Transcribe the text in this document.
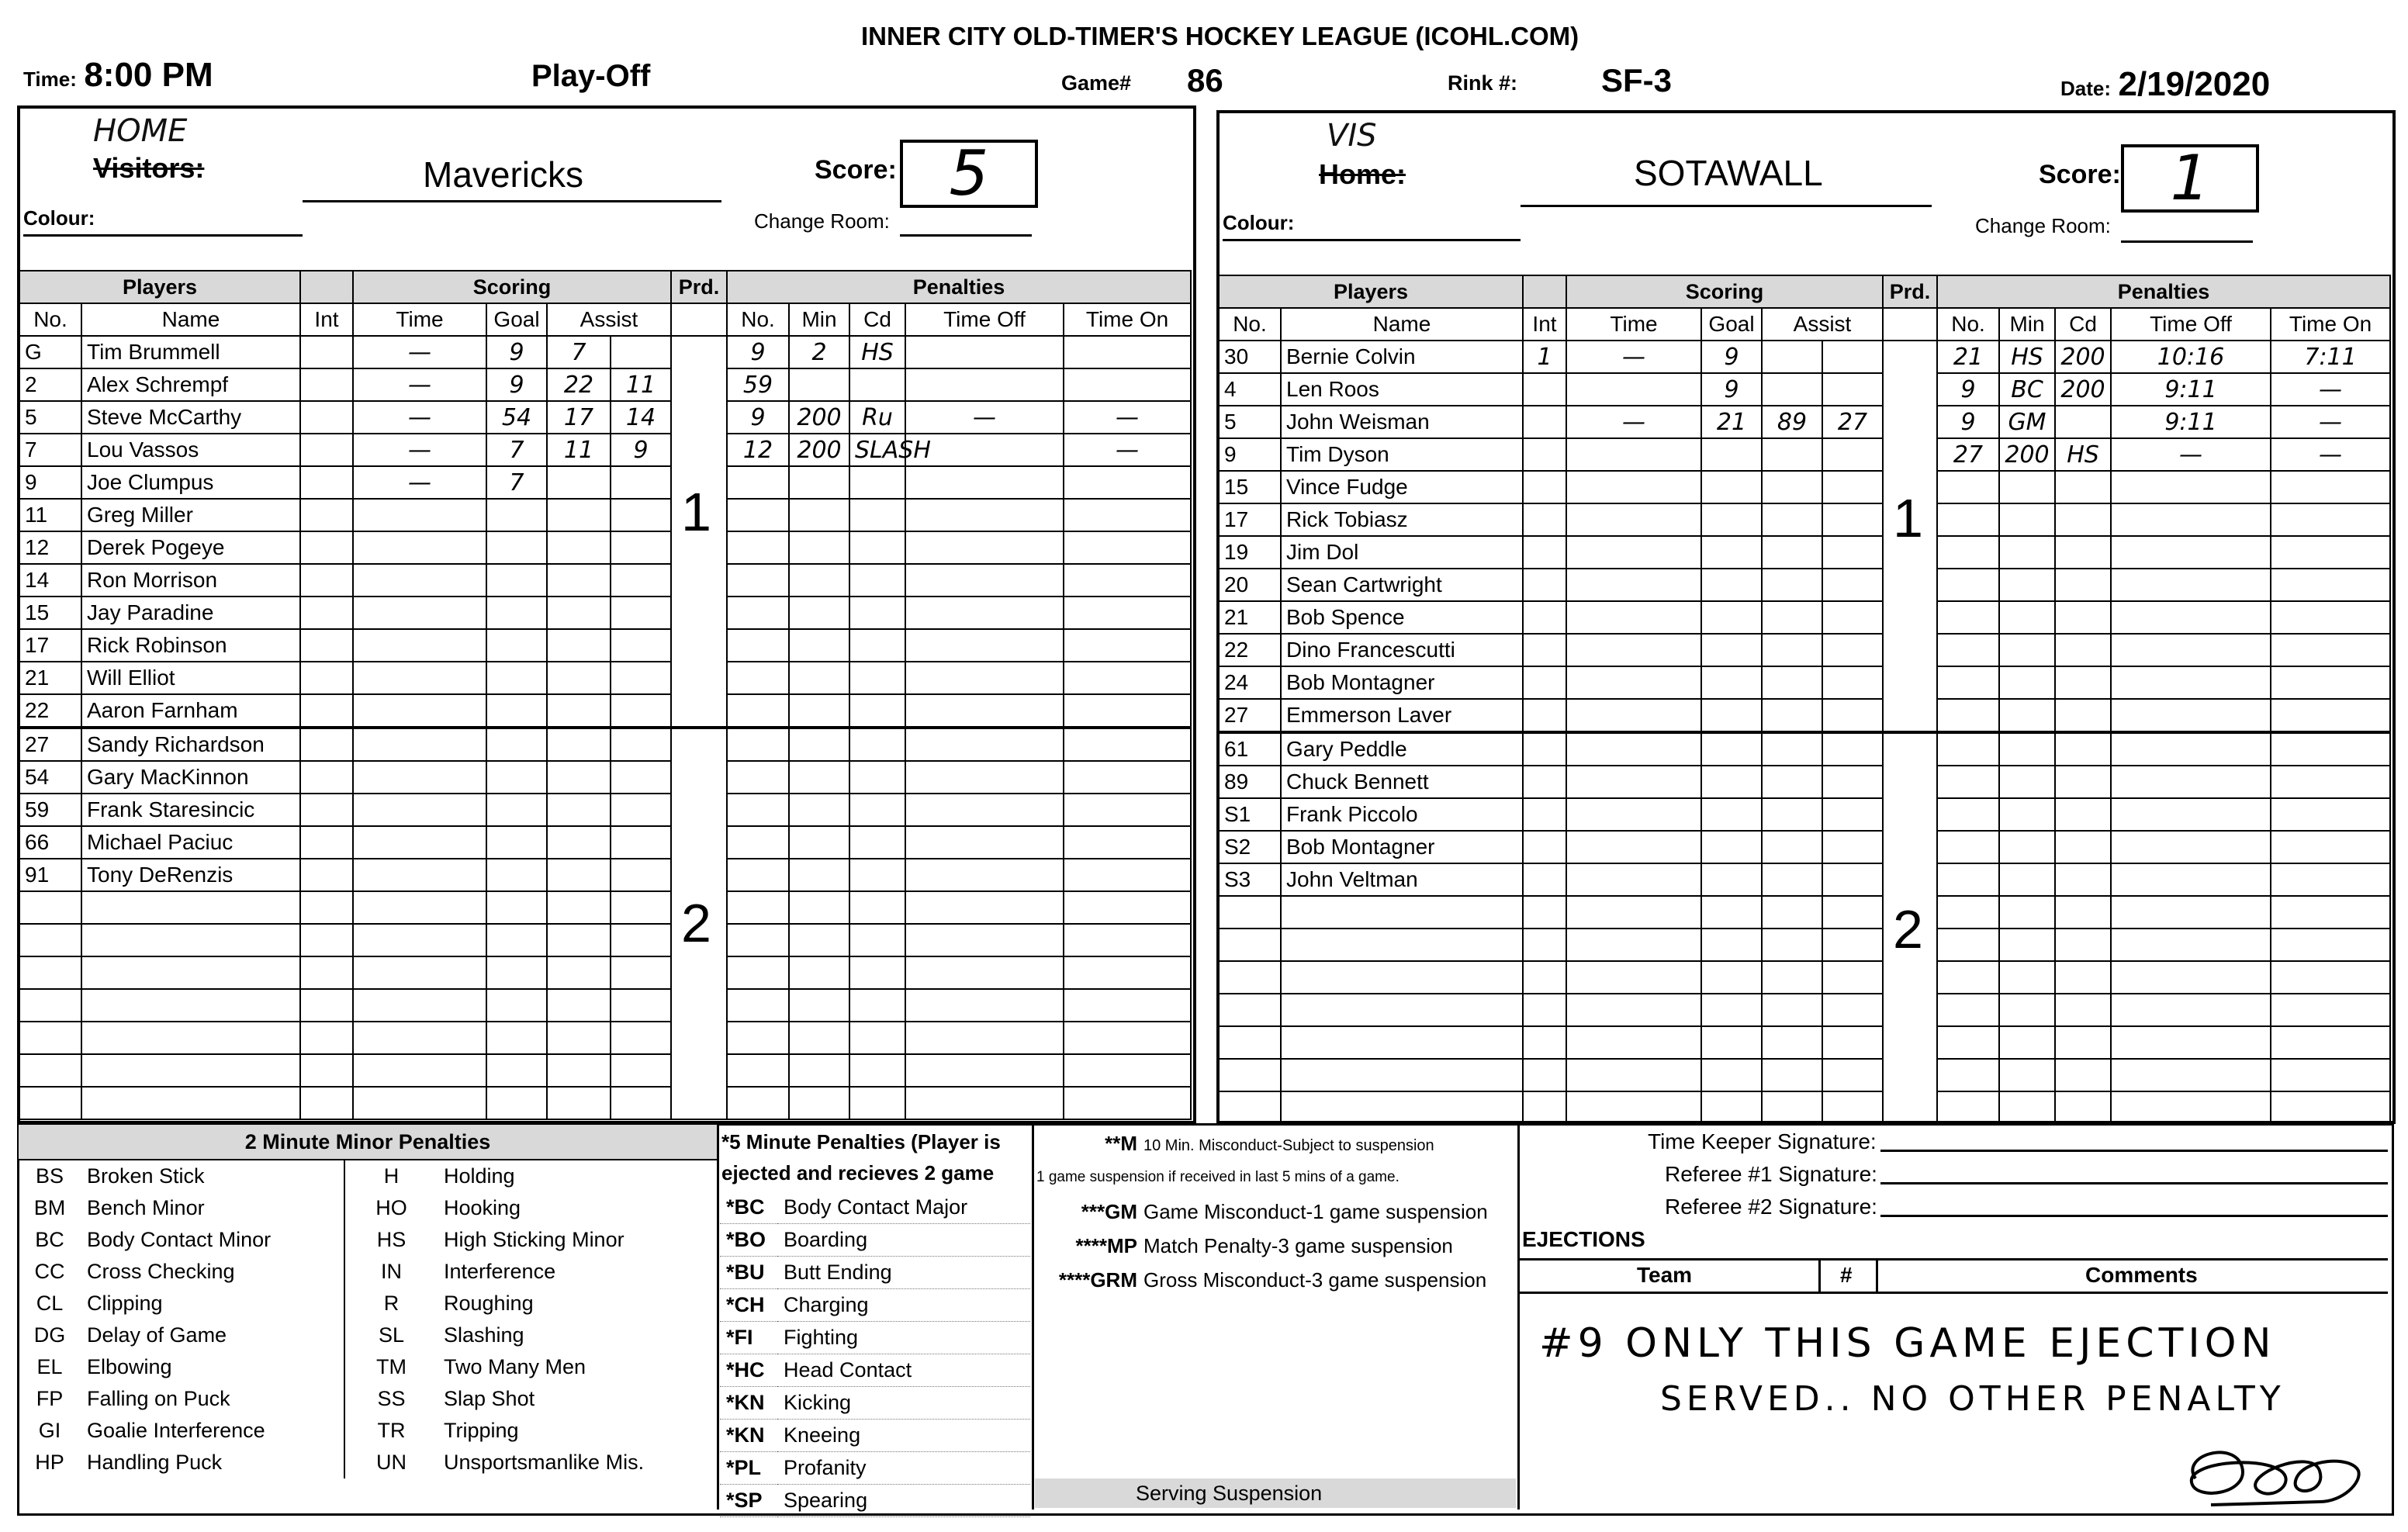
INNER CITY OLD-TIMER'S HOCKEY LEAGUE (ICOHL.COM)
Time: 8:00 PM	Play-Off	Game# 86	Rink #:	SF-3	Date: 2/19/2020
HOME
Visitors:	Mavericks	Score: 5
Colour:	Change Room:
Players			Scoring				Prd.	Penalties				
No.	Name	Int	Time	Goal	Assist			No.	Min	Cd	Time Off	Time On
G	Tim Brummell		—	9	7			9	2	HS		
2	Alex Schrempf		—	9	22	11		59				
5	Steve McCarthy		—	54	17	14		9	200	Ru	—	—
7	Lou Vassos		—	7	11	9		12	200	SLASH		—
9	Joe Clumpus		—	7								
11	Greg Miller											
12	Derek Pogeye											
14	Ron Morrison											
15	Jay Paradine											
17	Rick Robinson											
21	Will Elliot											
22	Aaron Farnham											
27	Sandy Richardson											
54	Gary MacKinnon											
59	Frank Staresincic											
66	Michael Paciuc											
91	Tony DeRenzis											

1
2
VIS
Home:	SOTAWALL	Score: 1
Colour:	Change Room:
Players			Scoring				Prd.	Penalties				
No.	Name	Int	Time	Goal	Assist			No.	Min	Cd	Time Off	Time On
30	Bernie Colvin	1	—	9				21	HS	200	10:16	7:11
4	Len Roos			9				9	BC	200	9:11	—
5	John Weisman		—	21	89	27		9	GM		9:11	—
9	Tim Dyson							27	200	HS	—	—
15	Vince Fudge											
17	Rick Tobiasz											
19	Jim Dol											
20	Sean Cartwright											
21	Bob Spence											
22	Dino Francescutti											
24	Bob Montagner											
27	Emmerson Laver											
61	Gary Peddle											
89	Chuck Bennett											
S1	Frank Piccolo											
S2	Bob Montagner											
S3	John Veltman											

1
2
2 Minute Minor Penalties			
BS	Broken Stick	H	Holding
BM	Bench Minor	HO	Hooking
BC	Body Contact Minor	HS	High Sticking Minor
CC	Cross Checking	IN	Interference
CL	Clipping	R	Roughing
DG	Delay of Game	SL	Slashing
EL	Elbowing	TM	Two Many Men
FP	Falling on Puck	SS	Slap Shot
GI	Goalie Interference	TR	Tripping
HP	Handling Puck	UN	Unsportsmanlike Mis.
*5 Minute Penalties (Player is ejected and recieves 2 game
*BC	Body Contact Major
*BO	Boarding
*BU	Butt Ending
*CH	Charging
*FI	Fighting
*HC	Head Contact
*KN	Kicking
*KN	Kneeing
*PL	Profanity
*SP	Spearing
**M 10 Min. Misconduct-Subject to suspension
1 game suspension if received in last 5 mins of a game.
***GM Game Misconduct-1 game suspension
****MP Match Penalty-3 game suspension
****GRM Gross Misconduct-3 game suspension
Serving Suspension
Time Keeper Signature:
Referee #1 Signature:
Referee #2 Signature:
EJECTIONS
Team	#	Comments
#9 ONLY THIS GAME EJECTION
SERVED.. NO OTHER PENALTY
